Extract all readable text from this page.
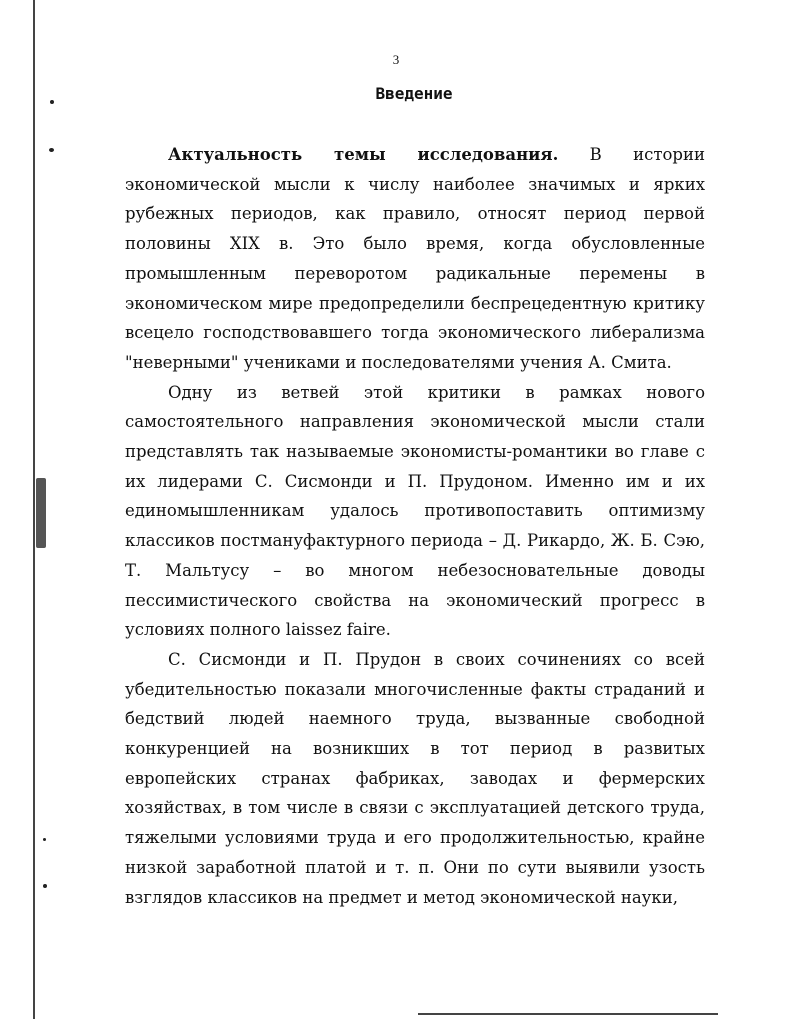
3
Введение

Актуальность темы исследования. В истории экономической мысли к числу наиболее значимых и ярких рубежных периодов, как правило, относят период первой половины XIX в. Это было время, когда обусловленные промышленным переворотом радикальные перемены в экономическом мире предопределили беспрецедентную критику всецело господствовавшего тогда экономического либерализма "неверными" учениками и последователями учения А. Смита.

Одну из ветвей этой критики в рамках нового самостоятельного направления экономической мысли стали представлять так называемые экономисты-романтики во главе с их лидерами С. Сисмонди и П. Прудоном. Именно им и их единомышленникам удалось противопоставить оптимизму классиков постмануфактурного периода – Д. Рикардо, Ж. Б. Сэю, Т. Мальтусу – во многом небезосновательные доводы пессимистического свойства на экономический прогресс в условиях полного laissez faire.

С. Сисмонди и П. Прудон в своих сочинениях со всей убедительностью показали многочисленные факты страданий и бедствий людей наемного труда, вызванные свободной конкуренцией на возникших в тот период в развитых европейских странах фабриках, заводах и фермерских хозяйствах, в том числе в связи с эксплуатацией детского труда, тяжелыми условиями труда и его продолжительностью, крайне низкой заработной платой и т. п. Они по сути выявили узость взглядов классиков на предмет и метод экономической науки,
